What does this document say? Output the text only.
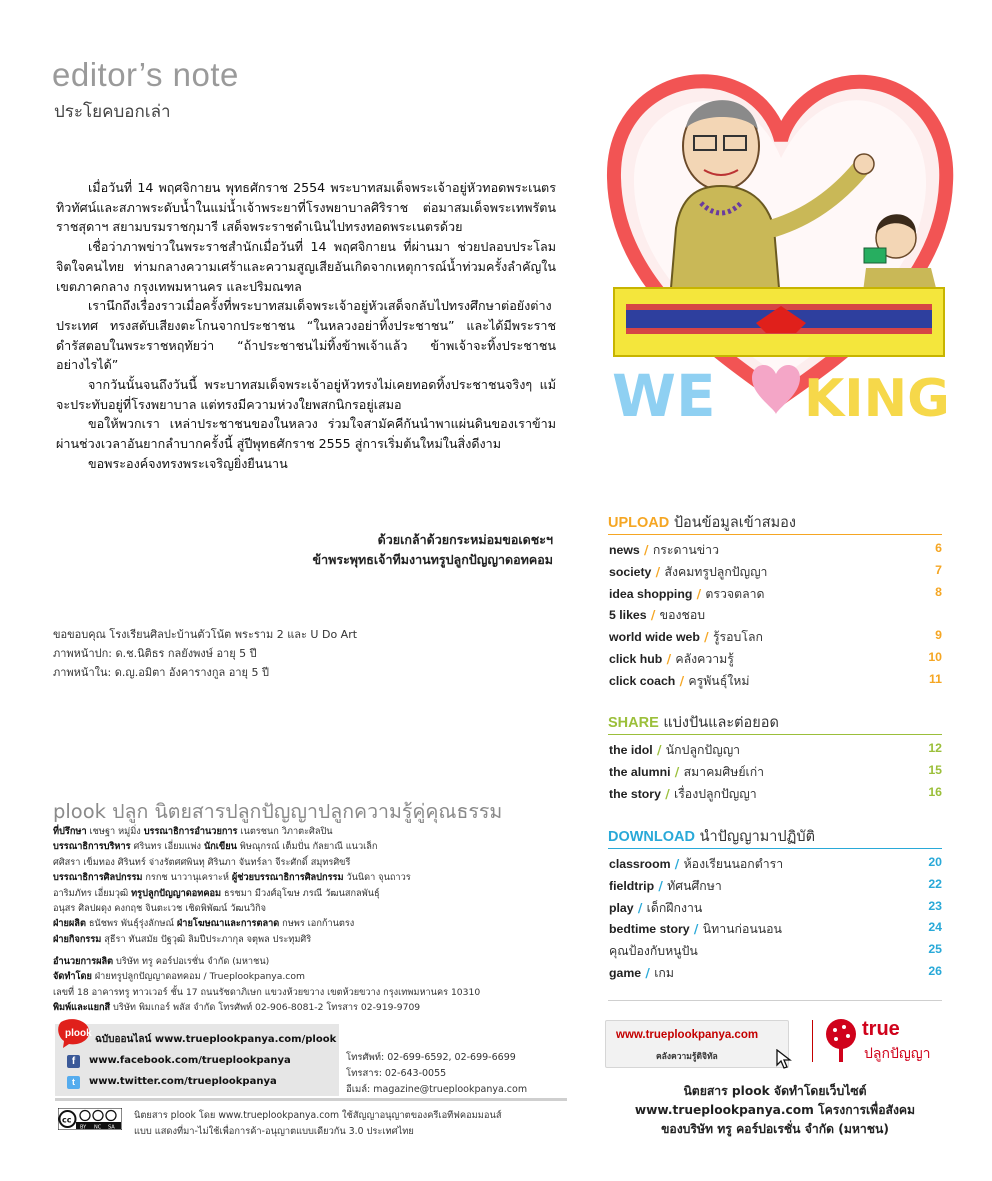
editor’s note
ประโยคบอกเล่า

เมื่อวันที่ 14 พฤศจิกายน พุทธศักราช 2554 พระบาทสมเด็จพระเจ้าอยู่หัวทอดพระเนตรทิวทัศน์และสภาพระดับน้ำในแม่น้ำเจ้าพระยาที่โรงพยาบาลศิริราช ต่อมาสมเด็จพระเทพรัตนราชสุดาฯ สยามบรมราชกุมารี เสด็จพระราชดำเนินไปทรงทอดพระเนตรด้วย

เชื่อว่าภาพข่าวในพระราชสำนักเมื่อวันที่ 14 พฤศจิกายน ที่ผ่านมา ช่วยปลอบประโลมจิตใจคนไทย ท่ามกลางความเศร้าและความสูญเสียอันเกิดจากเหตุการณ์น้ำท่วมครั้งลำคัญในเขตภาคกลาง กรุงเทพมหานคร และปริมณฑล

เรานึกถึงเรื่องราวเมื่อครั้งที่พระบาทสมเด็จพระเจ้าอยู่หัวเสด็จกลับไปทรงศึกษาต่อยังต่างประเทศ ทรงสดับเสียงตะโกนจากประชาชน “ในหลวงอย่าทิ้งประชาชน” และได้มีพระราชดำรัสตอบในพระราชหฤทัยว่า “ถ้าประชาชนไม่ทิ้งข้าพเจ้าแล้ว ข้าพเจ้าจะทิ้งประชาชนอย่างไรได้”

จากวันนั้นจนถึงวันนี้ พระบาทสมเด็จพระเจ้าอยู่หัวทรงไม่เคยทอดทิ้งประชาชนจริงๆ แม้จะประทับอยู่ที่โรงพยาบาล แต่ทรงมีความห่วงใยพสกนิกรอยู่เสมอ

ขอให้พวกเรา เหล่าประชาชนของในหลวง ร่วมใจสามัคคีกันนำพาแผ่นดินของเราข้ามผ่านช่วงเวลาอันยากลำบากครั้งนี้ สู่ปีพุทธศักราช 2555 สู่การเริ่มต้นใหม่ในสิ่งดีงาม

ขอพระองค์จงทรงพระเจริญยิ่งยืนนาน

ด้วยเกล้าด้วยกระหม่อมขอเดชะฯ
ข้าพระพุทธเจ้าทีมงานทรูปลูกปัญญาดอทคอม
ขอขอบคุณ โรงเรียนศิลปะบ้านตัวโน้ต พระราม 2 และ U Do Art
ภาพหน้าปก: ด.ช.นิติธร กลยังพงษ์ อายุ 5 ปี
ภาพหน้าใน: ด.ญ.อมิตา อังคารางกูล อายุ 5 ปี
plook ปลูก นิตยสารปลูกปัญญาปลูกความรู้คู่คุณธรรม
ที่ปรึกษา เชษฐา หมู่มิ่ง บรรณาธิการอำนวยการ เนตรชนก วิภาตะศิลปิน
บรรณาธิการบริหาร ศรินทร เอี่ยมแพ่ง นักเขียน พิษณุกรณ์ เต็มปั่น กัลยาณี แนวเล็ก
ศศิสรา เข็มทอง ศิรินทร์ จ่างรัตศศพินทุ ศิรินภา จันทร์ลา จีระศักดิ์ สมุทรศิขรี
บรรณาธิการศิลปกรรม กรกช นาวานุเคราะห์ ผู้ช่วยบรรณาธิการศิลปกรรม วันนิดา จุนถาวร
อาริมภัทร เอี่ยมวุฒิ ทรูปลูกปัญญาดอทคอม ธรชมา มีวงศ์อุโฆษ ภรณี วัฒนสกลพันธุ์
อนุสร ศิลปผดุง คงกฤช จินตะเวช เชิดพิพัฒน์ วัฒนวิกิจ
ฝ่ายผลิต ธนัชพร พันธุ์รุ่งลักษณ์ ฝ่ายโฆษณาและการตลาด กษพร เอกก้านตรง
ฝ่ายกิจกรรม สุธีรา ทันสมัย ปัฐวุฒิ ลิมปีประภากุล จตุพล ประทุมศิริ
อำนวยการผลิต บริษัท ทรู คอร์ปอเรชั่น จำกัด (มหาชน)
จัดทำโดย ฝ่ายทรูปลูกปัญญาดอทคอม / Trueplookpanya.com
เลขที่ 18 อาคารทรู ทาวเวอร์ ชั้น 17 ถนนรัชดาภิเษก แขวงห้วยขวาง เขตห้วยขวาง กรุงเทพมหานคร 10310
พิมพ์และแยกสี บริษัท พิมเกอร์ พลัส จำกัด โทรศัพท์ 02-906-8081-2 โทรสาร 02-919-9709
plook
ฉบับออนไลน์ www.trueplookpanya.com/plook
f	www.facebook.com/trueplookpanya
t	www.twitter.com/trueplookpanya
โทรศัพท์: 02-699-6592, 02-699-6699
โทรสาร: 02-643-0055
อีเมล์: magazine@trueplookpanya.com
cc
BY NC SA
นิตยสาร plook โดย www.trueplookpanya.com ใช้สัญญาอนุญาตของครีเอทีฟคอมมอนส์
แบบ แสดงที่มา-ไม่ใช้เพื่อการค้า-อนุญาตแบบเดียวกัน 3.0 ประเทศไทย
WE KING
UPLOAD ป้อนข้อมูลเข้าสมอง
news / กระดานข่าว	6
society / สังคมทรูปลูกปัญญา	7
idea shopping / ตรวจตลาด	8
5 likes / ของชอบ
world wide web / รู้รอบโลก	9
click hub / คลังความรู้	10
click coach / ครูพันธุ์ใหม่	11
SHARE แบ่งปันและต่อยอด
the idol / นักปลูกปัญญา	12
the alumni / สมาคมศิษย์เก่า	15
the story / เรื่องปลูกปัญญา	16
DOWNLOAD นำปัญญามาปฏิบัติ
classroom / ห้องเรียนนอกตำรา	20
fieldtrip / ทัศนศึกษา	22
play / เด็กฝึกงาน	23
bedtime story / นิทานก่อนนอน	24
คุณป้องกับหนูปัน	25
game / เกม	26
www.trueplookpanya.com
คลังความรู้ดิจิทัล
true
ปลูกปัญญา
นิตยสาร plook จัดทำโดยเว็บไซต์
www.trueplookpanya.com โครงการเพื่อสังคม
ของบริษัท ทรู คอร์ปอเรชั่น จำกัด (มหาชน)
